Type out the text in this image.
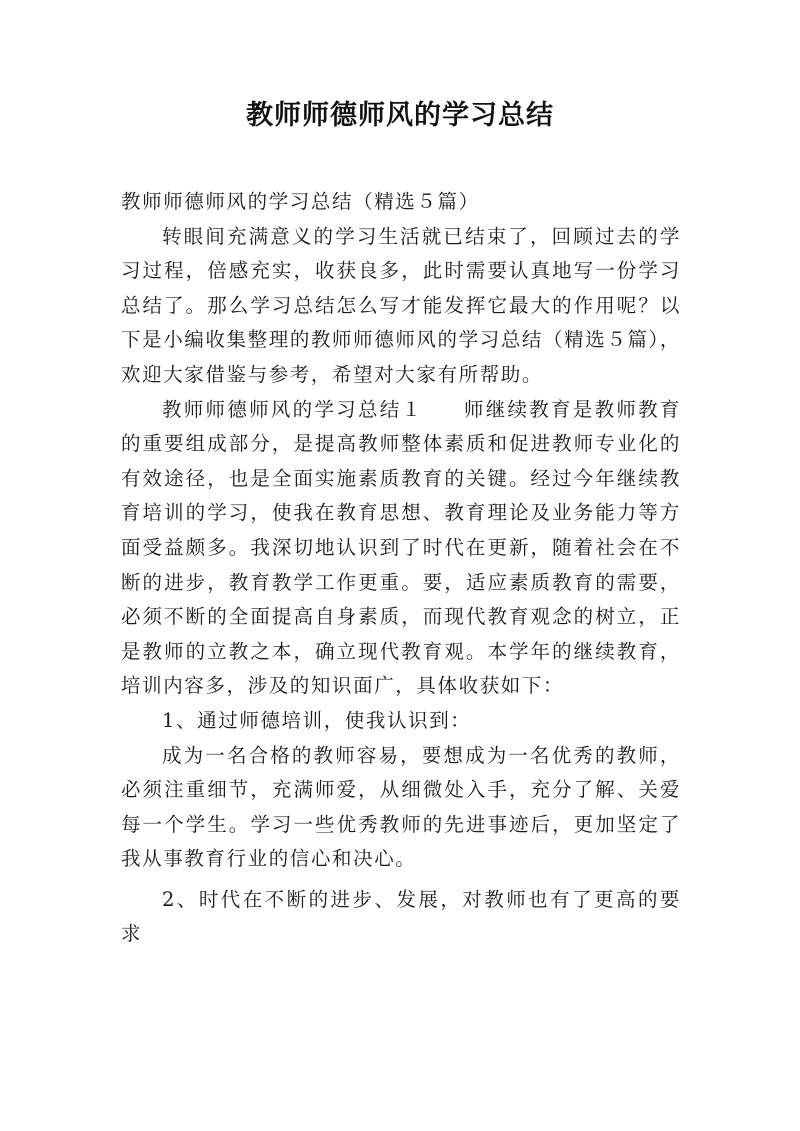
教师师德师风的学习总结

教师师德师风的学习总结（精选５篇）

转眼间充满意义的学习生活就已结束了，回顾过去的学习过程，倍感充实，收获良多，此时需要认真地写一份学习总结了。那么学习总结怎么写才能发挥它最大的作用呢？以下是小编收集整理的教师师德师风的学习总结（精选５篇），欢迎大家借鉴与参考，希望对大家有所帮助。

教师师德师风的学习总结１ 师继续教育是教师教育的重要组成部分，是提高教师整体素质和促进教师专业化的有效途径，也是全面实施素质教育的关键。经过今年继续教育培训的学习，使我在教育思想、教育理论及业务能力等方面受益颇多。我深切地认识到了时代在更新，随着社会在不断的进步，教育教学工作更重。要，适应素质教育的需要，必须不断的全面提高自身素质，而现代教育观念的树立，正是教师的立教之本，确立现代教育观。本学年的继续教育，培训内容多，涉及的知识面广，具体收获如下：

1、通过师德培训，使我认识到：

成为一名合格的教师容易，要想成为一名优秀的教师，必须注重细节，充满师爱，从细微处入手，充分了解、关爱每一个学生。学习一些优秀教师的先进事迹后，更加坚定了我从事教育行业的信心和决心。

2、时代在不断的进步、发展，对教师也有了更高的要求
